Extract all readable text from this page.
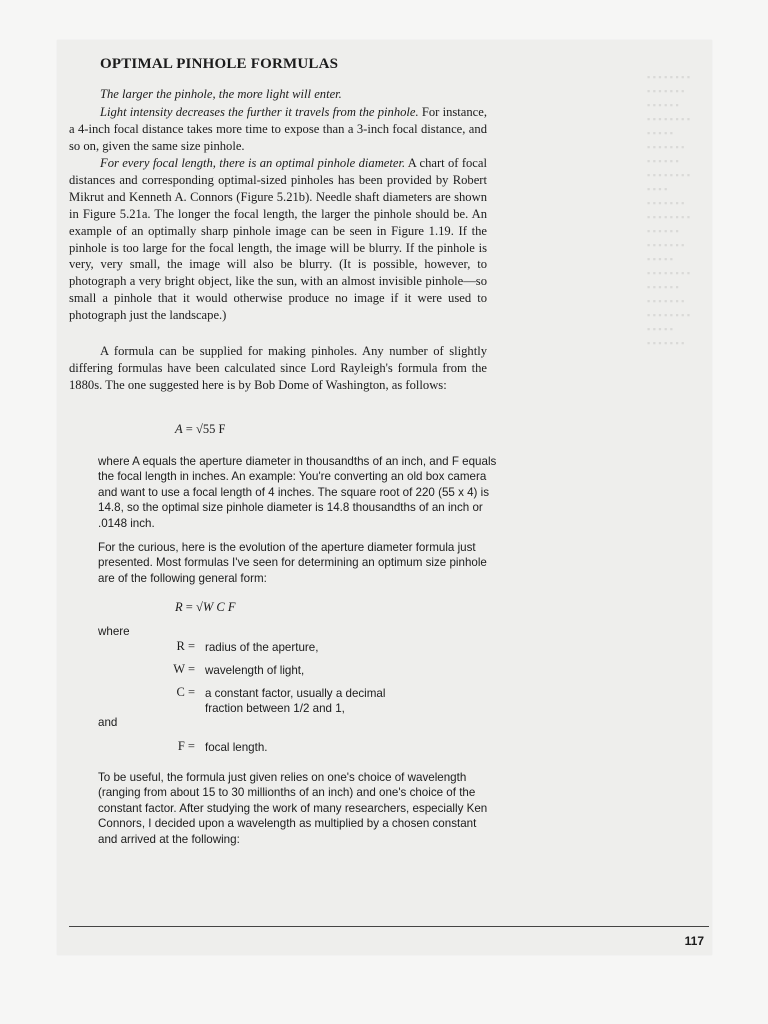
▪ ▪ ▪ ▪ ▪ ▪ ▪ ▪
▪ ▪ ▪ ▪ ▪ ▪ ▪
▪ ▪ ▪ ▪ ▪ ▪
▪ ▪ ▪ ▪ ▪ ▪ ▪ ▪
▪ ▪ ▪ ▪ ▪
▪ ▪ ▪ ▪ ▪ ▪ ▪
▪ ▪ ▪ ▪ ▪ ▪
▪ ▪ ▪ ▪ ▪ ▪ ▪ ▪
▪ ▪ ▪ ▪
▪ ▪ ▪ ▪ ▪ ▪ ▪
▪ ▪ ▪ ▪ ▪ ▪ ▪ ▪
▪ ▪ ▪ ▪ ▪ ▪
▪ ▪ ▪ ▪ ▪ ▪ ▪
▪ ▪ ▪ ▪ ▪
▪ ▪ ▪ ▪ ▪ ▪ ▪ ▪
▪ ▪ ▪ ▪ ▪ ▪
▪ ▪ ▪ ▪ ▪ ▪ ▪
▪ ▪ ▪ ▪ ▪ ▪ ▪ ▪
▪ ▪ ▪ ▪ ▪
▪ ▪ ▪ ▪ ▪ ▪ ▪
OPTIMAL PINHOLE FORMULAS

The larger the pinhole, the more light will enter.

Light intensity decreases the further it travels from the pinhole. For instance, a 4-inch focal distance takes more time to expose than a 3-inch focal distance, and so on, given the same size pinhole.

For every focal length, there is an optimal pinhole diameter. A chart of focal distances and corresponding optimal-sized pinholes has been provided by Robert Mikrut and Kenneth A. Connors (Figure 5.21b). Needle shaft diameters are shown in Figure 5.21a. The longer the focal length, the larger the pinhole should be. An example of an optimally sharp pinhole image can be seen in Figure 1.19. If the pinhole is too large for the focal length, the image will be blurry. If the pinhole is very, very small, the image will also be blurry. (It is possible, however, to photograph a very bright object, like the sun, with an almost invisible pinhole—so small a pinhole that it would otherwise produce no image if it were used to photograph just the landscape.)

A formula can be supplied for making pinholes. Any number of slightly differing formulas have been calculated since Lord Rayleigh's formula from the 1880s. The one suggested here is by Bob Dome of Washington, as follows:

A = √55 F

where A equals the aperture diameter in thousandths of an inch, and F equals the focal length in inches. An example: You're converting an old box camera and want to use a focal length of 4 inches. The square root of 220 (55 x 4) is 14.8, so the optimal size pinhole diameter is 14.8 thousandths of an inch or .0148 inch.

For the curious, here is the evolution of the aperture diameter formula just presented. Most formulas I've seen for determining an optimum size pinhole are of the following general form:

R = √W C F
where
R = radius of the aperture,
W = wavelength of light,
C = a constant factor, usually a decimal fraction between 1/2 and 1,
and
F = focal length.

To be useful, the formula just given relies on one's choice of wavelength (ranging from about 15 to 30 millionths of an inch) and one's choice of the constant factor. After studying the work of many researchers, especially Ken Connors, I decided upon a wavelength as multiplied by a chosen constant and arrived at the following:

117
